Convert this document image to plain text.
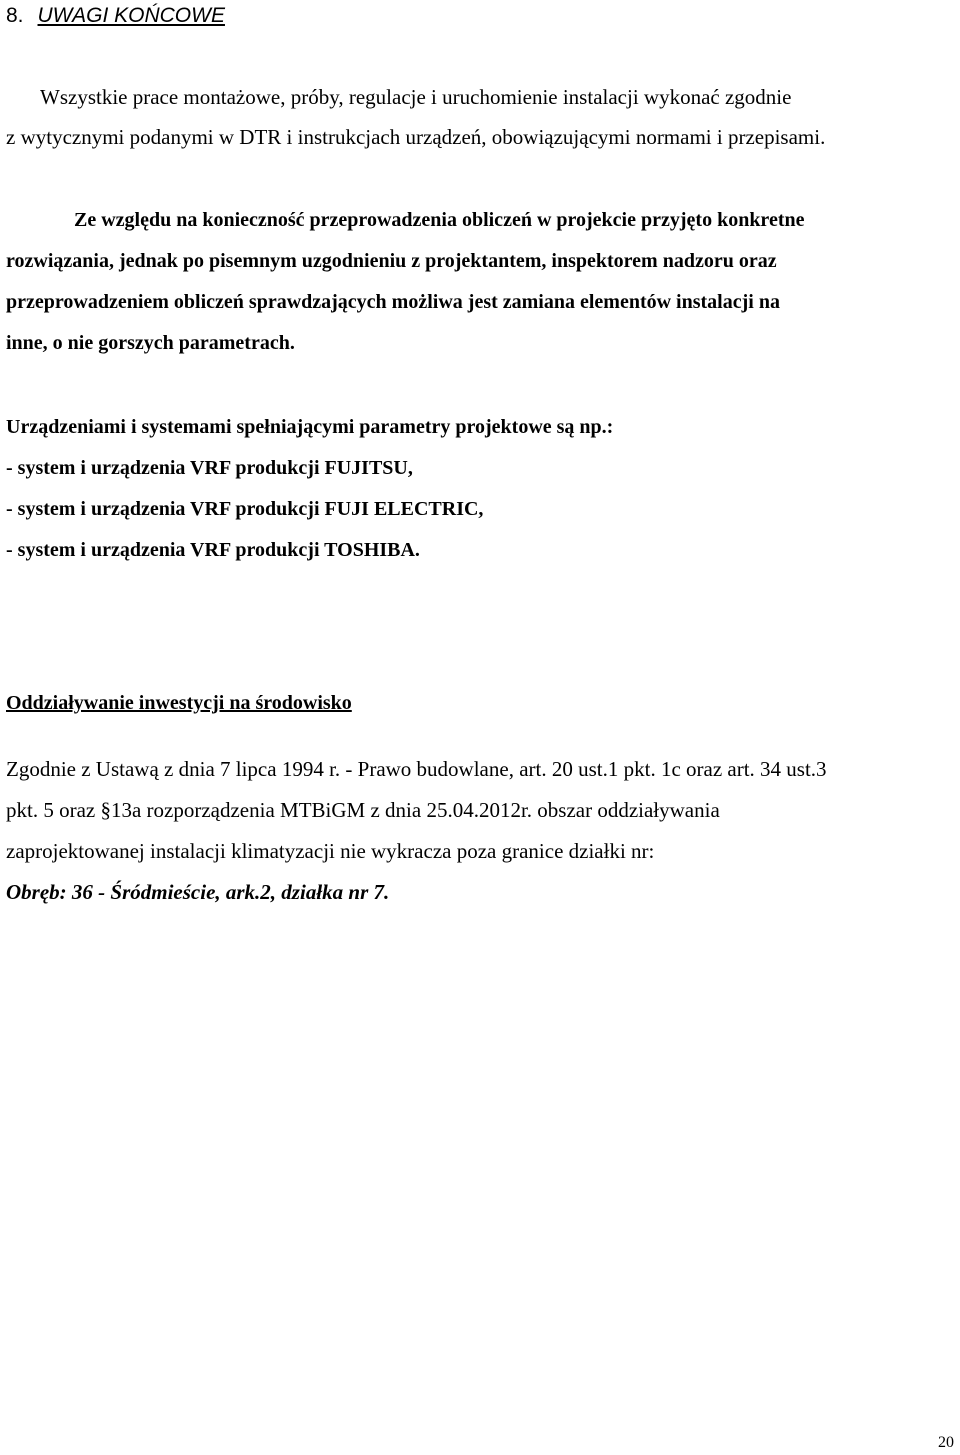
8. UWAGI KOŃCOWE
Wszystkie prace montażowe, próby, regulacje i uruchomienie instalacji wykonać zgodnie
z wytycznymi podanymi w DTR i instrukcjach urządzeń, obowiązującymi normami i przepisami.
Ze względu na konieczność przeprowadzenia obliczeń w projekcie przyjęto konkretne
rozwiązania, jednak po pisemnym uzgodnieniu z projektantem, inspektorem nadzoru oraz
przeprowadzeniem obliczeń sprawdzających możliwa jest zamiana elementów instalacji na
inne, o nie gorszych parametrach.
Urządzeniami i systemami spełniającymi parametry projektowe są np.:
- system i urządzenia VRF produkcji FUJITSU,
- system i urządzenia VRF produkcji FUJI ELECTRIC,
- system i urządzenia VRF produkcji TOSHIBA.
Oddziaływanie inwestycji na środowisko
Zgodnie z Ustawą z dnia 7 lipca 1994 r. - Prawo budowlane, art. 20 ust.1 pkt. 1c oraz art. 34 ust.3
pkt. 5 oraz §13a rozporządzenia MTBiGM z dnia 25.04.2012r. obszar oddziaływania
zaprojektowanej instalacji klimatyzacji nie wykracza poza granice działki nr:
Obręb: 36 - Śródmieście, ark.2, działka nr 7.
20
